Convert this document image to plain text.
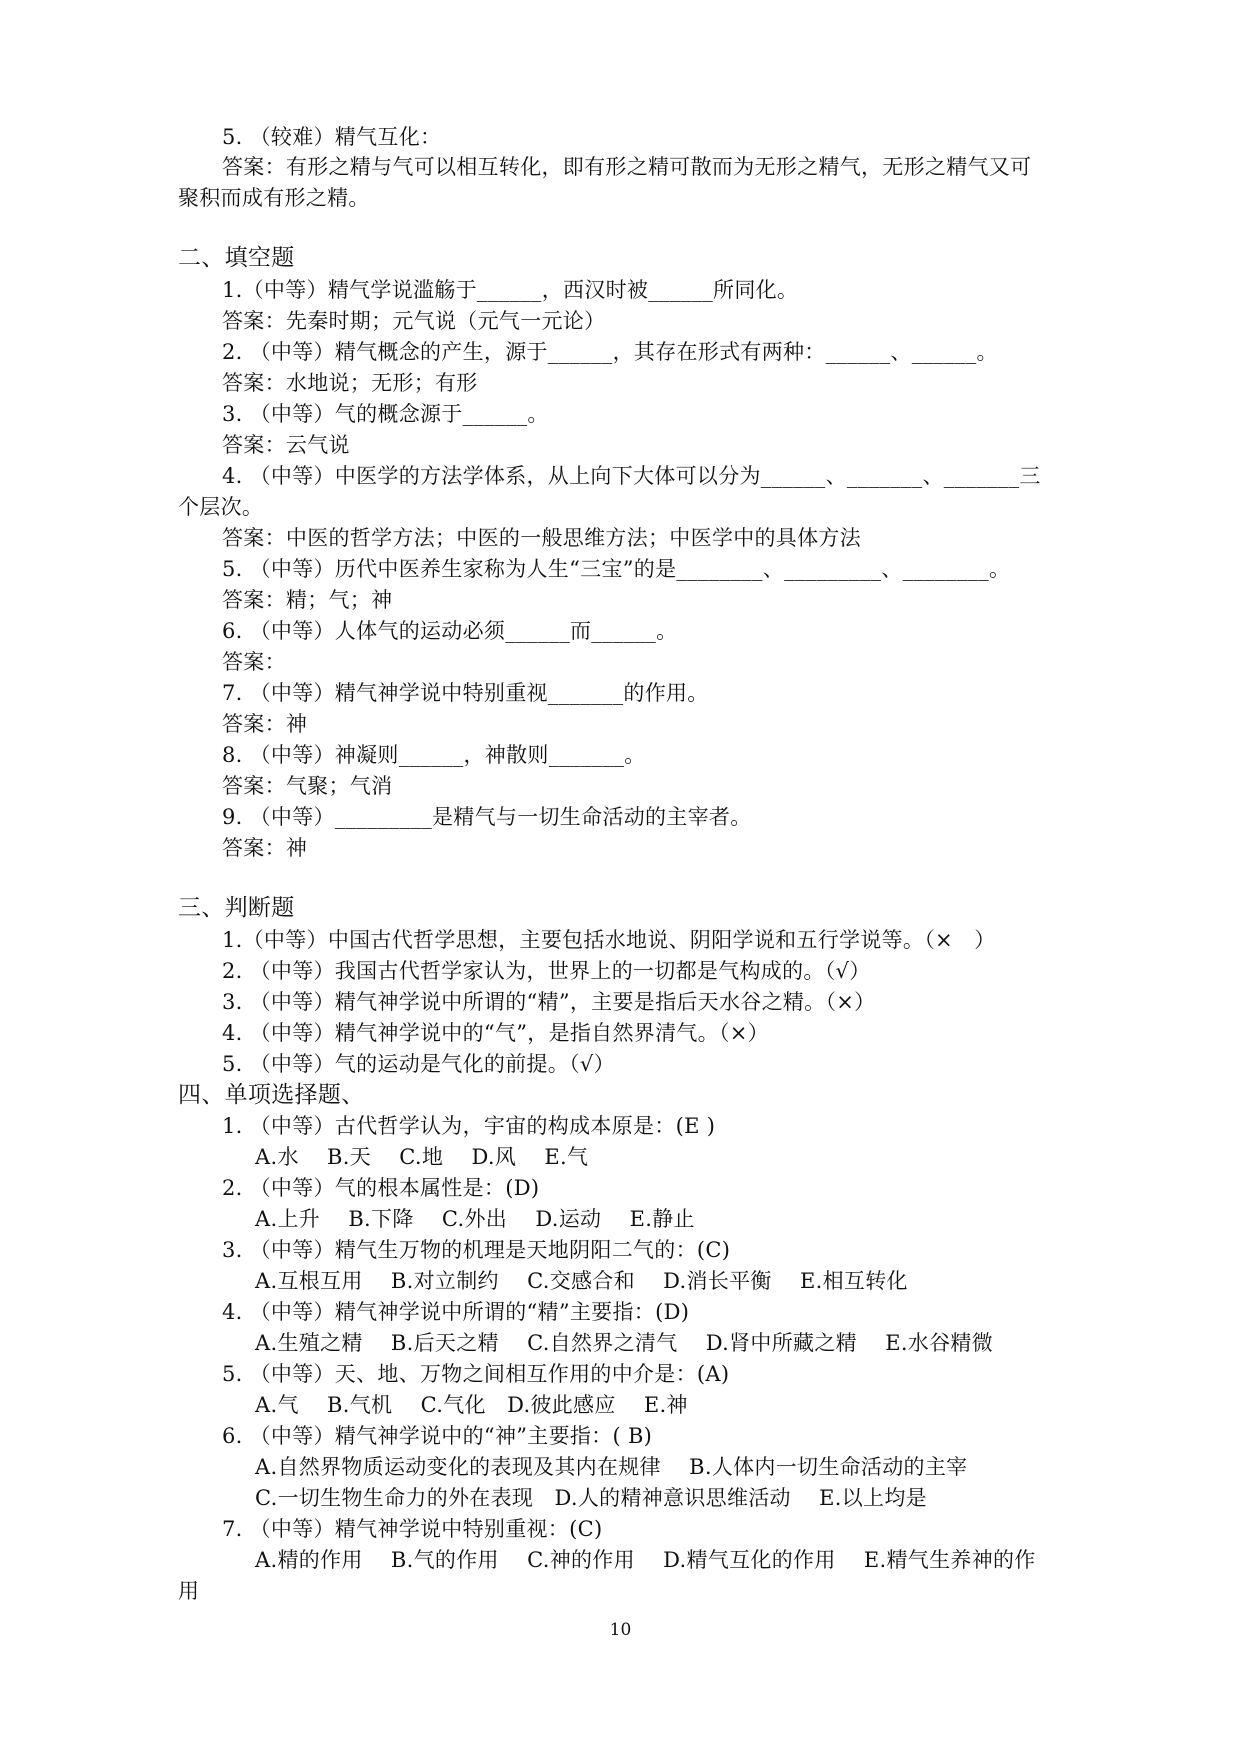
5. （较难）精气互化：
答案：有形之精与气可以相互转化，即有形之精可散而为无形之精气，无形之精气又可
聚积而成有形之精。
二、填空题
1.（中等）精气学说滥觞于______，西汉时被______所同化。
答案：先秦时期；元气说（元气一元论）
2. （中等）精气概念的产生，源于______，其存在形式有两种：______、______。
答案：水地说；无形；有形
3. （中等）气的概念源于______。
答案：云气说
4. （中等）中医学的方法学体系，从上向下大体可以分为______、_______、_______三
个层次。
答案：中医的哲学方法；中医的一般思维方法；中医学中的具体方法
5. （中等）历代中医养生家称为人生“三宝”的是________、_________、________。
答案：精；气；神
6. （中等）人体气的运动必须______而______。
答案：
7. （中等）精气神学说中特别重视_______的作用。
答案：神
8. （中等）神凝则______，神散则_______。
答案：气聚；气消
9. （中等）_________是精气与一切生命活动的主宰者。
答案：神
三、判断题
1.（中等）中国古代哲学思想，主要包括水地说、阴阳学说和五行学说等。（×　）
2. （中等）我国古代哲学家认为，世界上的一切都是气构成的。（√）
3. （中等）精气神学说中所谓的“精”，主要是指后天水谷之精。（×）
4. （中等）精气神学说中的“气”，是指自然界清气。（×）
5. （中等）气的运动是气化的前提。（√）
四、单项选择题、
1. （中等）古代哲学认为，宇宙的构成本原是：(E )
A.水　 B.天　 C.地　 D.风　 E.气
2. （中等）气的根本属性是：(D)
A.上升　 B.下降　 C.外出　 D.运动　 E.静止
3. （中等）精气生万物的机理是天地阴阳二气的：(C)
A.互根互用　 B.对立制约　 C.交感合和　 D.消长平衡　 E.相互转化
4. （中等）精气神学说中所谓的“精”主要指：(D)
A.生殖之精　 B.后天之精　 C.自然界之清气　 D.肾中所藏之精　 E.水谷精微
5. （中等）天、地、万物之间相互作用的中介是：(A)
A.气　 B.气机　 C.气化　D.彼此感应　 E.神
6. （中等）精气神学说中的“神”主要指：( B)
A.自然界物质运动变化的表现及其内在规律　 B.人体内一切生命活动的主宰
C.一切生物生命力的外在表现　D.人的精神意识思维活动　 E.以上均是
7. （中等）精气神学说中特别重视：(C)
A.精的作用　 B.气的作用　 C.神的作用　 D.精气互化的作用　 E.精气生养神的作
用
10
